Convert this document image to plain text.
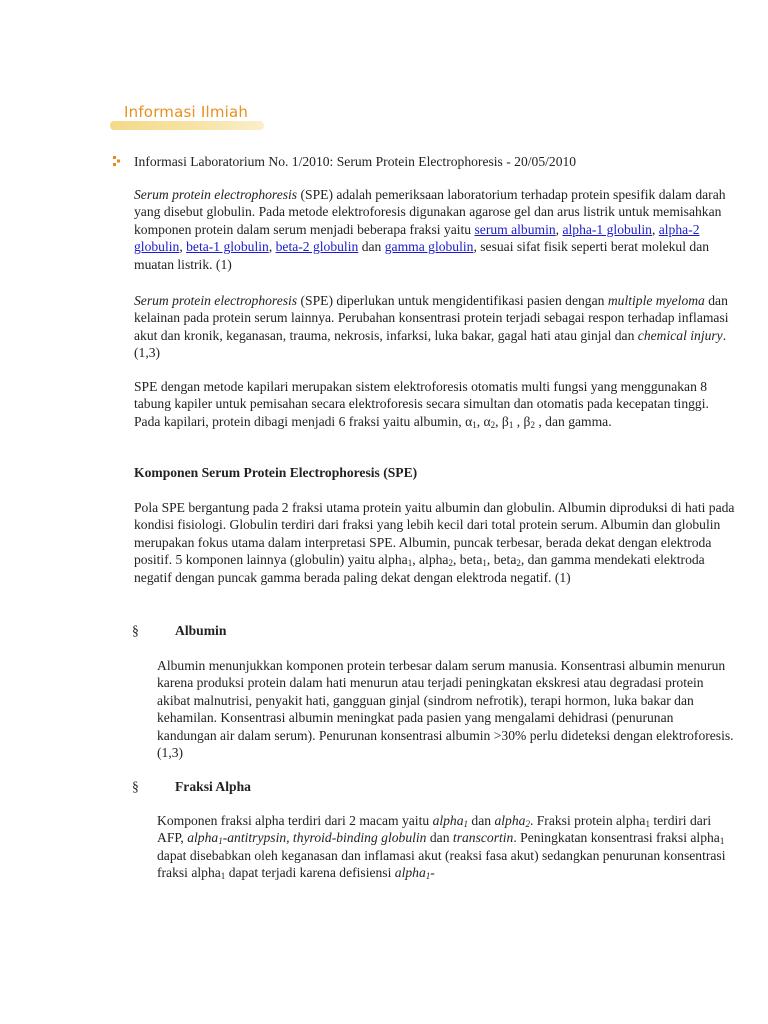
Informasi Ilmiah
Informasi Laboratorium No. 1/2010: Serum Protein Electrophoresis - 20/05/2010
Serum protein electrophoresis (SPE) adalah pemeriksaan laboratorium terhadap protein spesifik dalam darah yang disebut globulin. Pada metode elektroforesis digunakan agarose gel dan arus listrik untuk memisahkan komponen protein dalam serum menjadi beberapa fraksi yaitu serum albumin, alpha-1 globulin, alpha-2 globulin, beta-1 globulin, beta-2 globulin dan gamma globulin, sesuai sifat fisik seperti berat molekul dan muatan listrik. (1)
Serum protein electrophoresis (SPE) diperlukan untuk mengidentifikasi pasien dengan multiple myeloma dan kelainan pada protein serum lainnya. Perubahan konsentrasi protein terjadi sebagai respon terhadap inflamasi akut dan kronik, keganasan, trauma, nekrosis, infarksi, luka bakar, gagal hati atau ginjal dan chemical injury. (1,3)
SPE dengan metode kapilari merupakan sistem elektroforesis otomatis multi fungsi yang menggunakan 8 tabung kapiler untuk pemisahan secara elektroforesis secara simultan dan otomatis pada kecepatan tinggi. Pada kapilari, protein dibagi menjadi 6 fraksi yaitu albumin, $\alpha_1$, $\alpha_2$, $\beta_1$ , $\beta_2$ , dan gamma.
Komponen Serum Protein Electrophoresis (SPE)
Pola SPE bergantung pada 2 fraksi utama protein yaitu albumin dan globulin. Albumin diproduksi di hati pada kondisi fisiologi. Globulin terdiri dari fraksi yang lebih kecil dari total protein serum. Albumin dan globulin merupakan fokus utama dalam interpretasi SPE. Albumin, puncak terbesar, berada dekat dengan elektroda positif. 5 komponen lainnya (globulin) yaitu alpha$_1$, alpha$_2$, beta$_1$, beta$_2$, dan gamma mendekati elektroda negatif dengan puncak gamma berada paling dekat dengan elektroda negatif. (1)
§	Albumin
Albumin menunjukkan komponen protein terbesar dalam serum manusia. Konsentrasi albumin menurun karena produksi protein dalam hati menurun atau terjadi peningkatan ekskresi atau degradasi protein akibat malnutrisi, penyakit hati, gangguan ginjal (sindrom nefrotik), terapi hormon, luka bakar dan kehamilan. Konsentrasi albumin meningkat pada pasien yang mengalami dehidrasi (penurunan kandungan air dalam serum). Penurunan konsentrasi albumin >30% perlu dideteksi dengan elektroforesis. (1,3)
§	Fraksi Alpha
Komponen fraksi alpha terdiri dari 2 macam yaitu alpha$_1$ dan alpha$_2$. Fraksi protein alpha$_1$ terdiri dari AFP, alpha$_1$-antitrypsin, thyroid-binding globulin dan transcortin. Peningkatan konsentrasi fraksi alpha$_1$ dapat disebabkan oleh keganasan dan inflamasi akut (reaksi fasa akut) sedangkan penurunan konsentrasi fraksi alpha$_1$ dapat terjadi karena defisiensi alpha$_1$-
